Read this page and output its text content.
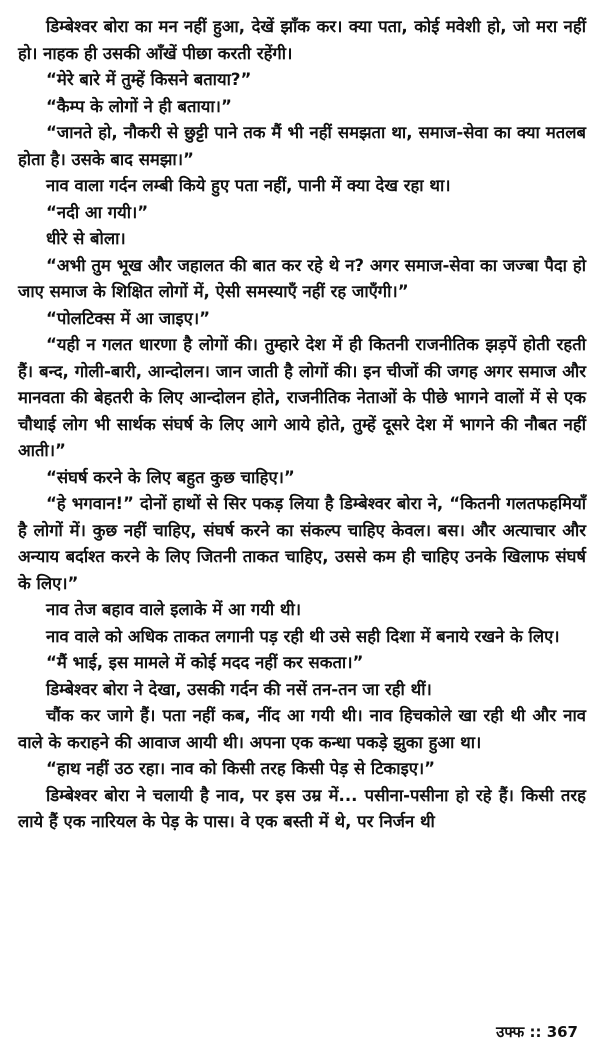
डिम्बेश्वर बोरा का मन नहीं हुआ, देखें झाँक कर। क्या पता, कोई मवेशी हो, जो मरा नहीं हो। नाहक ही उसकी आँखें पीछा करती रहेंगी।

“मेरे बारे में तुम्हें किसने बताया?”

“कैम्प के लोगों ने ही बताया।”

“जानते हो, नौकरी से छुट्टी पाने तक मैं भी नहीं समझता था, समाज-सेवा का क्या मतलब होता है। उसके बाद समझा।”

नाव वाला गर्दन लम्बी किये हुए पता नहीं, पानी में क्या देख रहा था।

“नदी आ गयी।”

धीरे से बोला।

“अभी तुम भूख और जहालत की बात कर रहे थे न? अगर समाज-सेवा का जज्बा पैदा हो जाए समाज के शिक्षित लोगों में, ऐसी समस्याएँ नहीं रह जाएँगी।”

“पोलटिक्स में आ जाइए।”

“यही न गलत धारणा है लोगों की। तुम्हारे देश में ही कितनी राजनीतिक झड़पें होती रहती हैं। बन्द, गोली-बारी, आन्दोलन। जान जाती है लोगों की। इन चीजों की जगह अगर समाज और मानवता की बेहतरी के लिए आन्दोलन होते, राजनीतिक नेताओं के पीछे भागने वालों में से एक चौथाई लोग भी सार्थक संघर्ष के लिए आगे आये होते, तुम्हें दूसरे देश में भागने की नौबत नहीं आती।”

“संघर्ष करने के लिए बहुत कुछ चाहिए।”

“हे भगवान!” दोनों हाथों से सिर पकड़ लिया है डिम्बेश्वर बोरा ने, “कितनी गलतफहमियाँ है लोगों में। कुछ नहीं चाहिए, संघर्ष करने का संकल्प चाहिए केवल। बस। और अत्याचार और अन्याय बर्दाश्त करने के लिए जितनी ताकत चाहिए, उससे कम ही चाहिए उनके खिलाफ संघर्ष के लिए।”

नाव तेज बहाव वाले इलाके में आ गयी थी।

नाव वाले को अधिक ताकत लगानी पड़ रही थी उसे सही दिशा में बनाये रखने के लिए।

“मैं भाई, इस मामले में कोई मदद नहीं कर सकता।”

डिम्बेश्वर बोरा ने देखा, उसकी गर्दन की नसें तन-तन जा रही थीं।

चौंक कर जागे हैं। पता नहीं कब, नींद आ गयी थी। नाव हिचकोले खा रही थी और नाव वाले के कराहने की आवाज आयी थी। अपना एक कन्धा पकड़े झुका हुआ था।

“हाथ नहीं उठ रहा। नाव को किसी तरह किसी पेड़ से टिकाइए।”

डिम्बेश्वर बोरा ने चलायी है नाव, पर इस उम्र में... पसीना-पसीना हो रहे हैं। किसी तरह लाये हैं एक नारियल के पेड़ के पास। वे एक बस्ती में थे, पर निर्जन थी

उफ्फ :: 367
